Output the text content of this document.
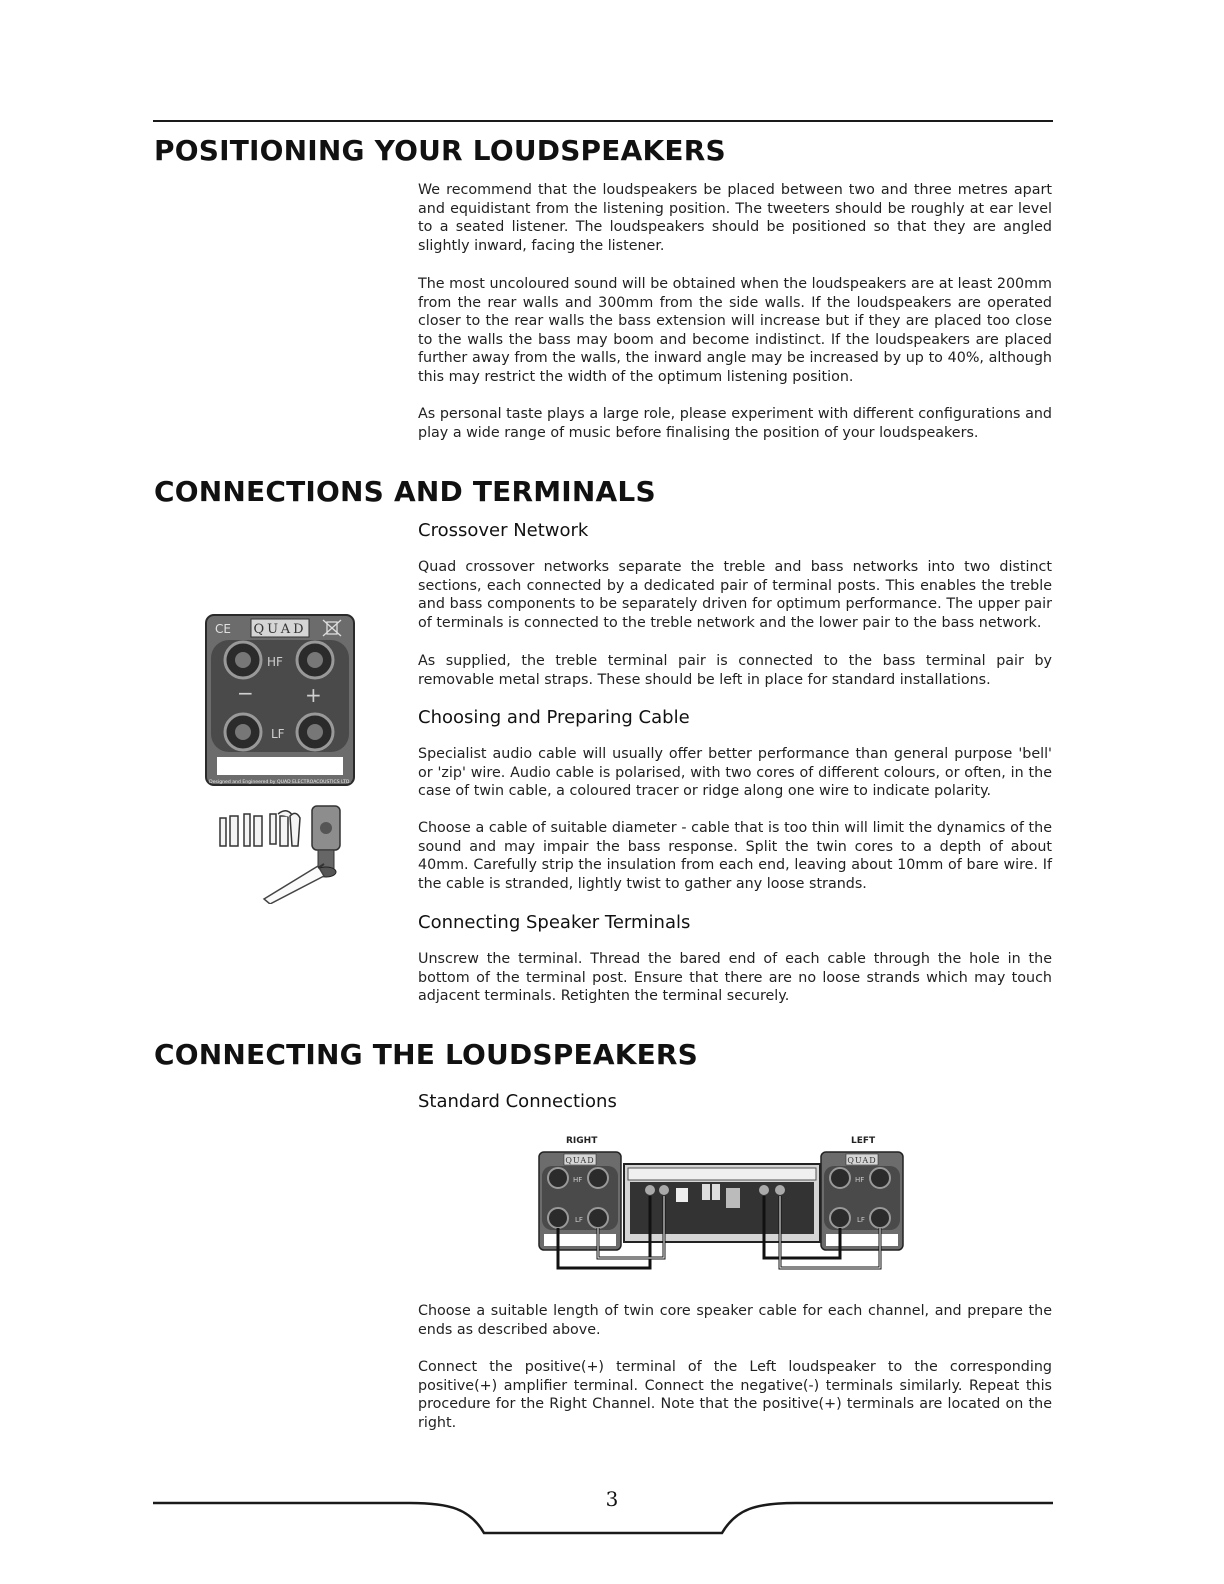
POSITIONING YOUR LOUDSPEAKERS

We recommend that the loudspeakers be placed between two and three metres apart and equidistant from the listening position. The tweeters should be roughly at ear level to a seated listener. The loudspeakers should be positioned so that they are angled slightly inward, facing the listener.

The most uncoloured sound will be obtained when the loudspeakers are at least 200mm from the rear walls and 300mm from the side walls. If the loudspeakers are operated closer to the rear walls the bass extension will increase but if they are placed too close to the walls the bass may boom and become indistinct. If the loudspeakers are placed further away from the walls, the inward angle may be increased by up to 40%, although this may restrict the width of the optimum listening position.

As personal taste plays a large role, please experiment with different configurations and play a wide range of music before finalising the position of your loudspeakers.

CONNECTIONS AND TERMINALS
Crossover Network

Quad crossover networks separate the treble and bass networks into two distinct sections, each connected by a dedicated pair of terminal posts. This enables the treble and bass components to be separately driven for optimum performance. The upper pair of terminals is connected to the treble network and the lower pair to the bass network.

As supplied, the treble terminal pair is connected to the bass terminal pair by removable metal straps. These should be left in place for standard installations.

Choosing and Preparing Cable

Specialist audio cable will usually offer better performance than general purpose 'bell' or 'zip' wire. Audio cable is polarised, with two cores of different colours, or often, in the case of twin cable, a coloured tracer or ridge along one wire to indicate polarity.

Choose a cable of suitable diameter - cable that is too thin will limit the dynamics of the sound and may impair the bass response. Split the twin cores to a depth of about 40mm. Carefully strip the insulation from each end, leaving about 10mm of bare wire. If the cable is stranded, lightly twist to gather any loose strands.

Connecting Speaker Terminals

Unscrew the terminal. Thread the bared end of each cable through the hole in the bottom of the terminal post. Ensure that there are no loose strands which may touch adjacent terminals. Retighten the terminal securely.

CE QUAD
HF
LF
−	+
Designed and Engineered by QUAD ELECTROACOUSTICS LTD.
CONNECTING THE LOUDSPEAKERS
Standard Connections
RIGHT	LEFT
QUAD
HF
LF
QUAD
HF
LF

Choose a suitable length of twin core speaker cable for each channel, and prepare the ends as described above.

Connect the positive(+) terminal of the Left loudspeaker to the corresponding positive(+) amplifier terminal. Connect the negative(-) terminals similarly. Repeat this procedure for the Right Channel. Note that the positive(+) terminals are located on the right.

3
